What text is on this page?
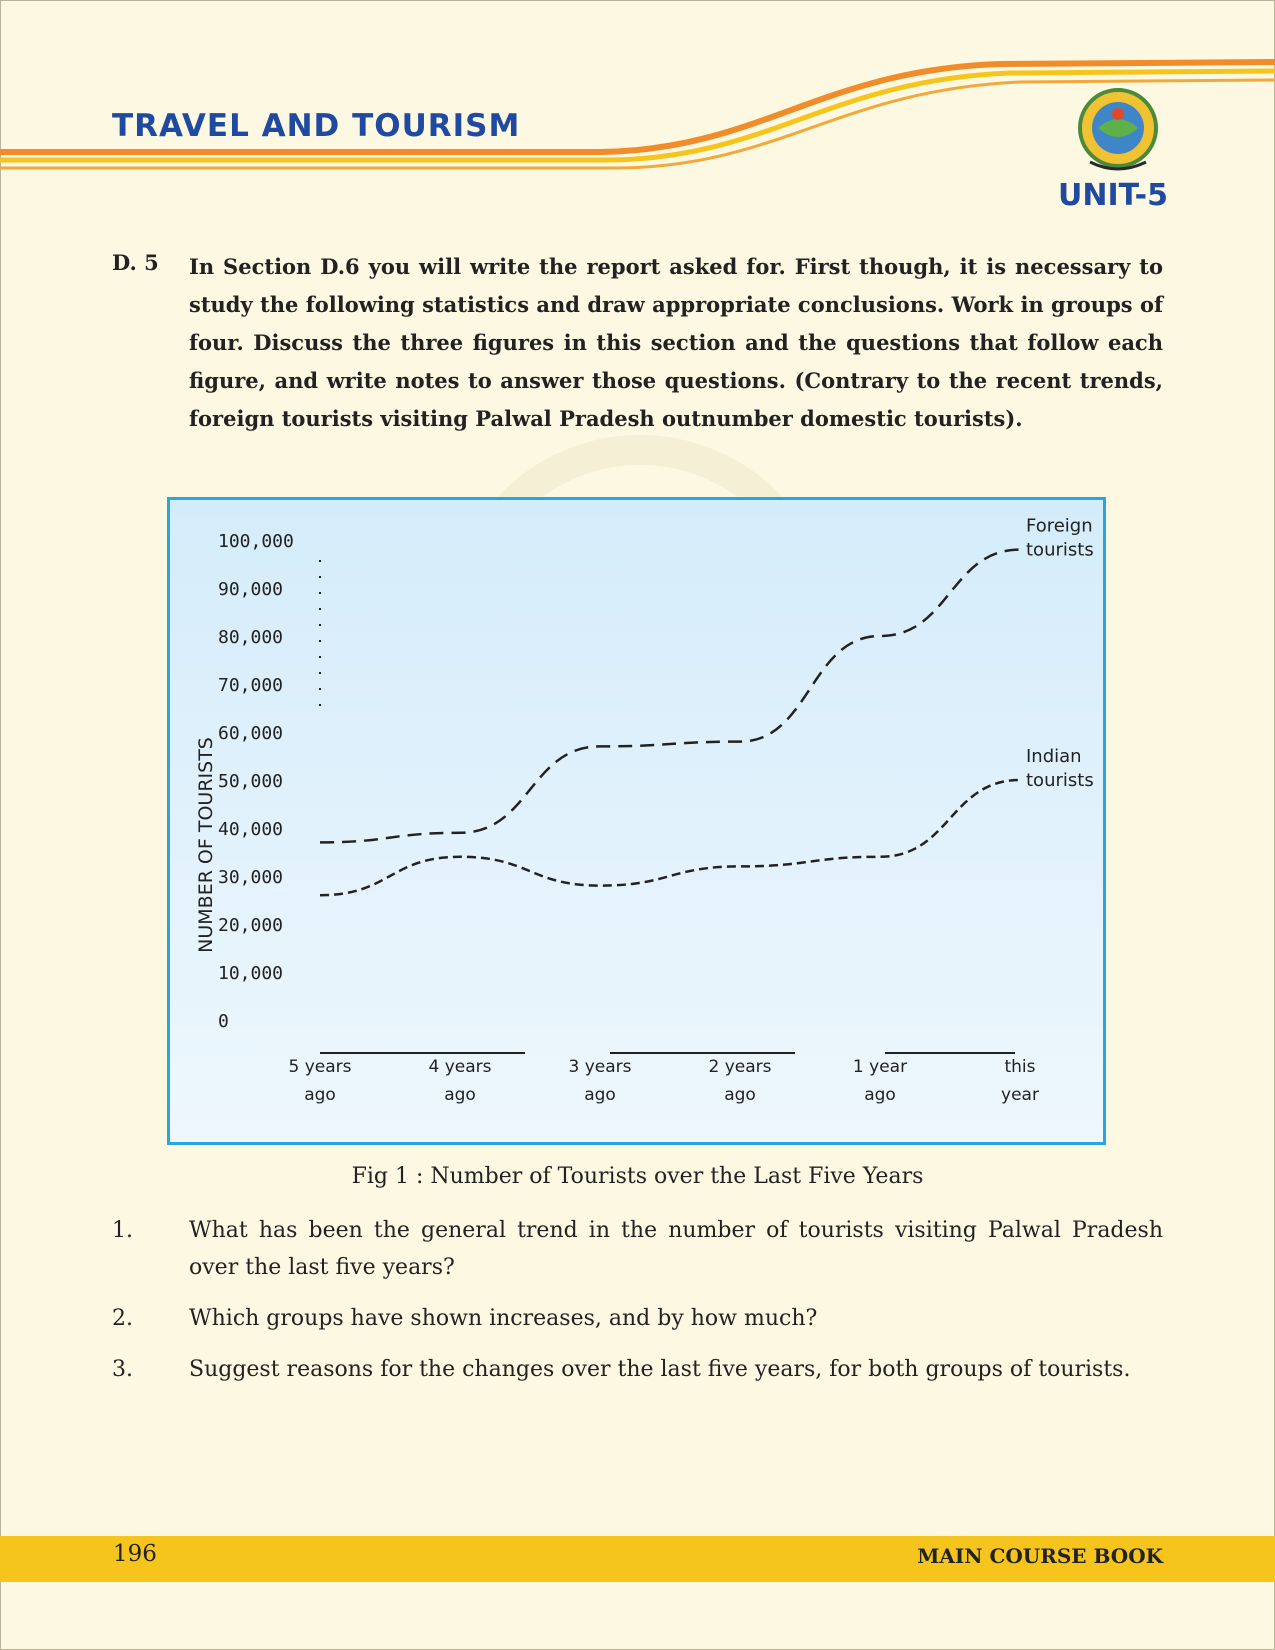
TRAVEL AND TOURISM
UNIT-5
D. 5 In Section D.6 you will write the report asked for. First though, it is necessary to study the following statistics and draw appropriate conclusions. Work in groups of four. Discuss the three figures in this section and the questions that follow each figure, and write notes to answer those questions. (Contrary to the recent trends, foreign tourists visiting Palwal Pradesh outnumber domestic tourists).
0
10,000
20,000
30,000
40,000
50,000
60,000
70,000
80,000
90,000
100,000
5 years ago
4 years ago
3 years ago
2 years ago
1 year ago
this year
Foreign tourists
Indian tourists
NUMBER OF TOURISTS
Fig 1 : Number of Tourists over the Last Five Years
1.	What has been the general trend in the number of tourists visiting Palwal Pradesh over the last five years?
2.	Which groups have shown increases, and by how much?
3.	Suggest reasons for the changes over the last five years, for both groups of tourists.
196	MAIN COURSE BOOK
